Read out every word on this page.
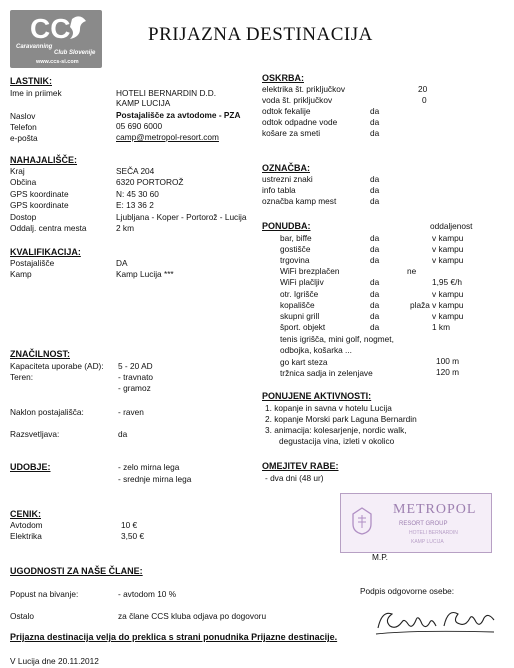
CC
Caravanning
Club Slovenije
www.ccs-si.com
PRIJAZNA DESTINACIJA
LASTNIK:
Ime in priimek	HOTELI BERNARDIN D.D.
KAMP LUCIJA
Naslov	Postajališče za avtodome - PZA
Telefon	05 690 6000
e-pošta	camp@metropol-resort.com
NAHAJALIŠČE:
Kraj	SEČA 204
Občina	6320 PORTOROŽ
GPS koordinate	N: 45 30 60
GPS koordinate	E: 13 36 2
Dostop	Ljubljana - Koper - Portorož - Lucija
Oddalj. centra mesta	2 km
KVALIFIKACIJA:
Postajališče	DA
Kamp	Kamp Lucija ***
ZNAČILNOST:
Kapaciteta uporabe (AD): 5 - 20 AD
Teren:	- travnato
- gramoz
Naklon postajališča:	- raven
Razsvetljava:	da
UDOBJE:	- zelo mirna lega
- srednje mirna lega
CENIK:
Avtodom	10 €
Elektrika	3,50 €
UGODNOSTI ZA NAŠE ČLANE:
Popust na bivanje:	- avtodom 10 %
Ostalo	za člane CCS kluba odjava po dogovoru
Prijazna destinacija velja do preklica s strani ponudnika Prijazne destinacije.
V Lucija dne 20.11.2012
OSKRBA:
elektrika št. priključkov	20
voda št. priključkov	0
odtok fekalije	da
odtok odpadne vode	da
košare za smeti	da
OZNAČBA:
ustrezni znaki	da
info tabla	da
označba kamp mest	da
PONUDBA:	oddaljenost
bar, biffe	da	v kampu
gostišče	da	v kampu
trgovina	da	v kampu
WiFi brezplačen	ne
WiFi plačljiv	da	1,95 €/h
otr. Igrišče	da	v kampu
kopališče	da	plaža v kampu
skupni grill	da	v kampu
šport. objekt	da	1 km
tenis igrišča, mini golf, nogmet,
odbojka, košarka ...
go kart steza	100 m
tržnica sadja in zelenjave	120 m
PONUJENE AKTIVNOSTI:
1. kopanje in savna v hotelu Lucija
2. kopanje Morski park Laguna Bernardin
3. animacija: kolesarjenje, nordic walk,
degustacija vina, izleti v okolico
OMEJITEV RABE:
- dva dni (48 ur)
METROPOL
RESORT GROUP
HOTELI BERNARDIN
KAMP LUCIJA
M.P.
Podpis odgovorne osebe:
